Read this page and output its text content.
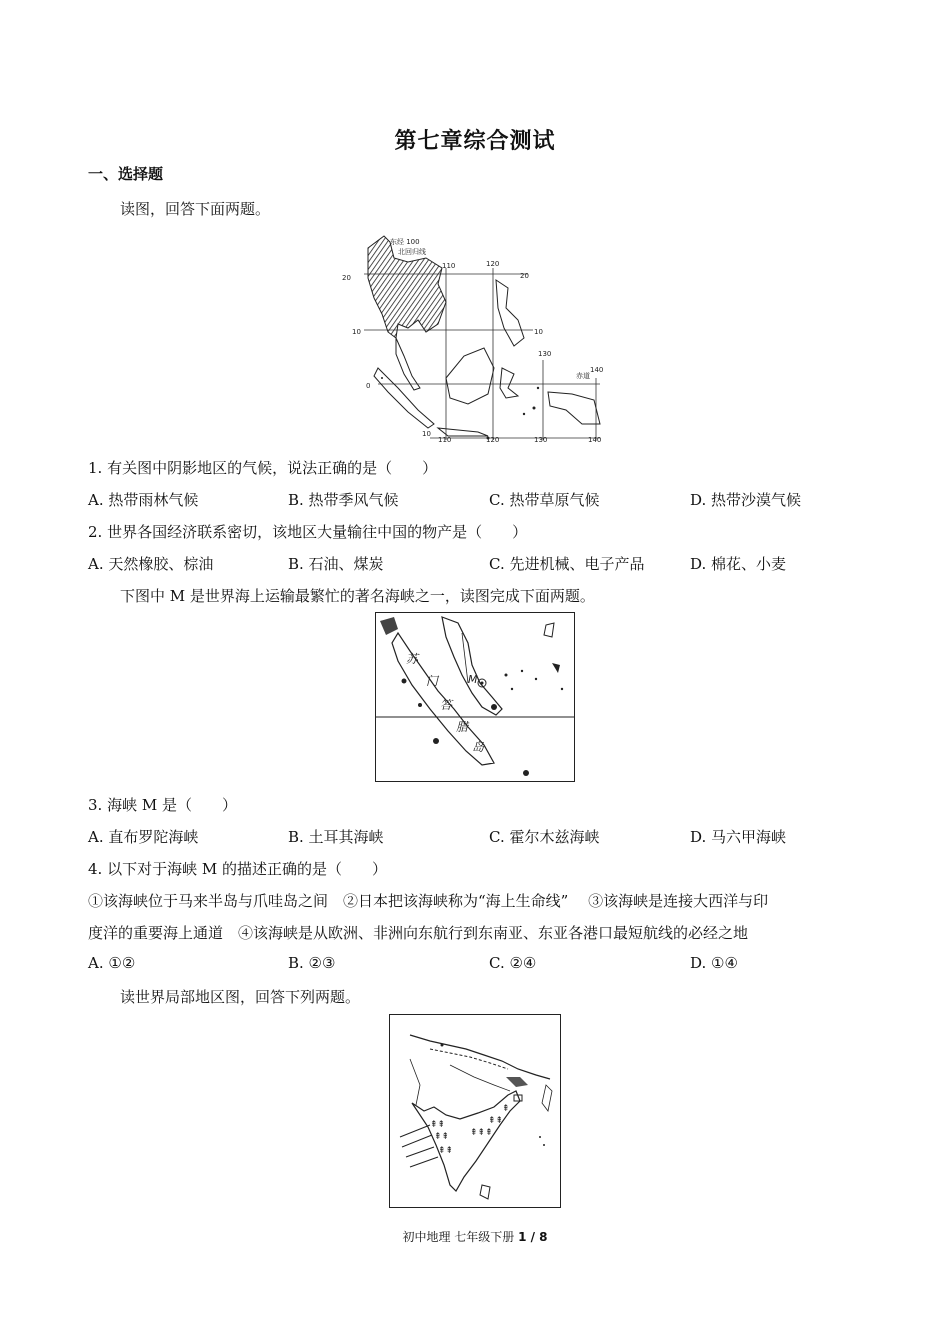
第七章综合测试
一、选择题
读图，回答下面两题。
东经 100
北回归线
赤道
20
110	120
20
10	10
130
0
140
10
110	120	130	140
1. 有关图中阴影地区的气候，说法正确的是（　　）
A. 热带雨林气候	B. 热带季风气候	C. 热带草原气候	D. 热带沙漠气候
2. 世界各国经济联系密切，该地区大量输往中国的物产是（　　）
A. 天然橡胶、棕油	B. 石油、煤炭	C. 先进机械、电子产品	D. 棉花、小麦
下图中 M 是世界海上运输最繁忙的著名海峡之一，读图完成下面两题。
苏
门
答
腊
岛
M
3. 海峡 M 是（　　）
A. 直布罗陀海峡	B. 土耳其海峡	C. 霍尔木兹海峡	D. 马六甲海峡
4. 以下对于海峡 M 的描述正确的是（　　）
①该海峡位于马来半岛与爪哇岛之间　②日本把该海峡称为“海上生命线”　 ③该海峡是连接大西洋与印
度洋的重要海上通道　④该海峡是从欧洲、非洲向东航行到东南亚、东亚各港口最短航线的必经之地
A. ①②	B. ②③	C. ②④	D. ①④
读世界局部地区图，回答下列两题。
⇞⇞
⇞⇞
⇞⇞
⇞⇞⇞
⇞⇞
⇞
初中地理 七年级下册 1 / 8
